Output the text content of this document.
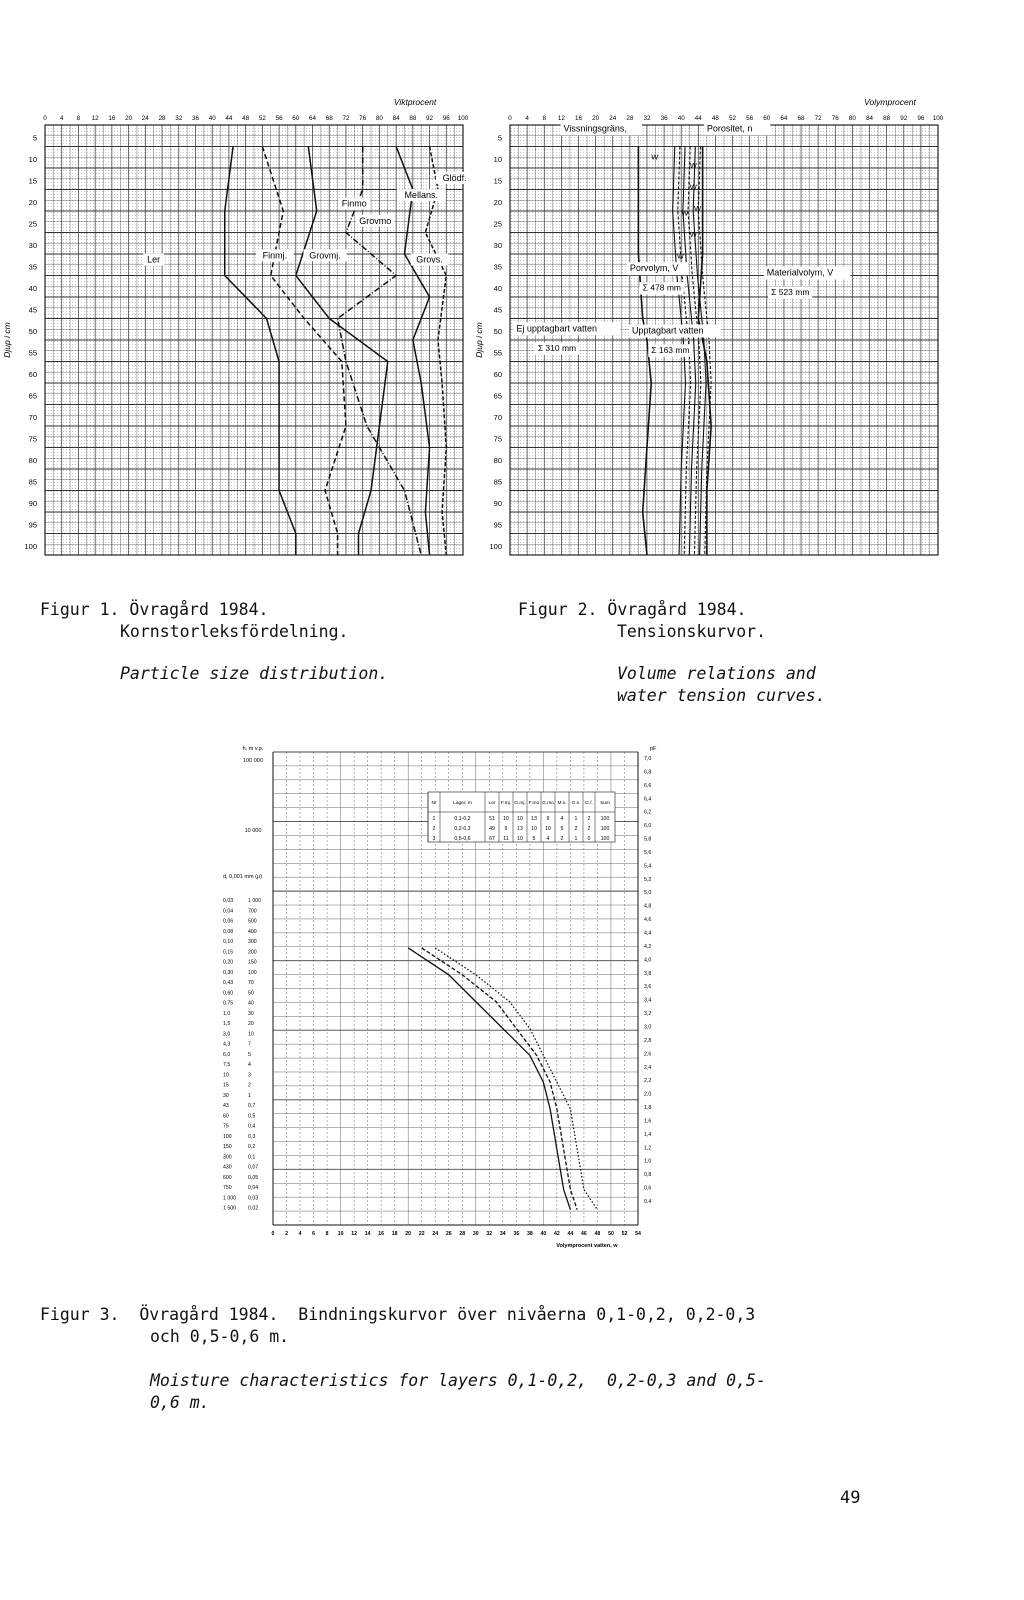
Viktprocent
0 4 8 12 16 20 24 28 32 36 40 44 48 52 56 60 64 68 72 76 80 84 88 92 96 100
5
10
15
20
25
30
35
40
45
50
55
60
65
70
75
80
85
90
95
100
Djup i cm
Ler	Finmj. Grovmj.
Finmo
Grovmo
Mellans.
Grovs.
Glödf.
Volymprocent
0 4 8 12 16 20 24 28 32 36 40 44 48 52 56 60 64 68 72 76 80 84 88 92 96 100
5
10
15
20
25
30
35
40
45
50
55
60
65
70
75
80
85
90
95
100
Djup i cm
Vissningsgräns,	Porositet, n
Porvolym, V
Σ 478 mm
Materialvolym, V
Σ 523 mm
Ej upptagbart vatten
Σ 310 mm
Upptagbart vatten
Σ 163 mm
W
W
W
W
W
W
W
Figur 1. Övragård 1984.
Kornstorleksfördelning.
Particle size distribution.
Figur 2. Övragård 1984.
Tensionskurvor.
Volume relations and
water tension curves.
h, m v.p.
100 000
10 000
d, 0,001 mm (μ)
0,03	1 000
0,04	700
0,06	500
0,08	400
0,10	300
0,15	200
0,20	150
0,30	100
0,43	70
0,60	50
0,75	40
1,0	30
1,5	20
3,0	10
4,3	7
6,0	5
7,5	4
10	3
15	2
30	1
43	0,7
60	0,5
75	0,4
100	0,3
150	0,2
300	0,1
430	0,07
600	0,05
750	0,04
1 000 0,03
1 500 0,02
pF
7,0
6,8
6,6
6,4
6,2
6,0
5,8
5,6
5,4
5,2
5,0
4,8
4,6
4,4
4,2
4,0
3,8
3,6
3,4
3,2
3,0
2,8
2,6
2,4
2,2
2,0
1,8
1,6
1,4
1,2
1,0
0,8
0,6
0,4
0 2 4 6 8 10 12 14 16 18 20 22 24 26 28 30 32 34 36 38 40 42 44 46 48 50 52 54
Volymprocent vatten, w
Nr	Lager, m	Ler F.mj. G.mj. F.mo G.mo M.s. G.s. G.f. Sum
1	0,1-0,2	51 10 10 13 9 4 1 2 100
2	0,2-0,3	49 9 13 10 10 5 2 2 100
3	0,5-0,6	67 11 10 5 4 2 1 0 100
Figur 3.  Övragård 1984.  Bindningskurvor över nivåerna 0,1-0,2, 0,2-0,3
och 0,5-0,6 m.
Moisture characteristics for layers 0,1-0,2,  0,2-0,3 and 0,5-
0,6 m.
49
